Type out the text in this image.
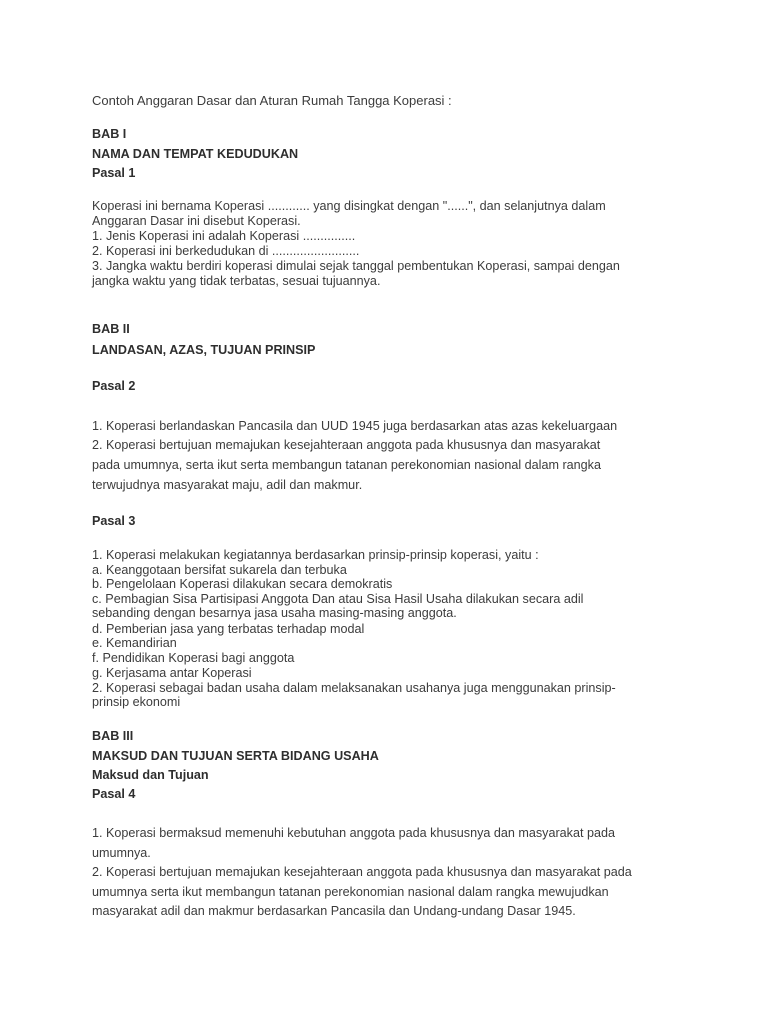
Contoh Anggaran Dasar dan Aturan Rumah Tangga Koperasi :
BAB I
NAMA DAN TEMPAT KEDUDUKAN
Pasal 1
Koperasi ini bernama Koperasi ............ yang disingkat dengan "......", dan selanjutnya dalam
Anggaran Dasar ini disebut Koperasi.
1. Jenis Koperasi ini adalah Koperasi ...............
2. Koperasi ini berkedudukan di .........................
3. Jangka waktu berdiri koperasi dimulai sejak tanggal pembentukan Koperasi, sampai dengan
jangka waktu yang tidak terbatas, sesuai tujuannya.
BAB II
LANDASAN, AZAS, TUJUAN PRINSIP
Pasal 2
1. Koperasi berlandaskan Pancasila dan UUD 1945 juga berdasarkan atas azas kekeluargaan
2. Koperasi bertujuan memajukan kesejahteraan anggota pada khususnya dan masyarakat
pada umumnya, serta ikut serta membangun tatanan perekonomian nasional dalam rangka
terwujudnya masyarakat maju, adil dan makmur.
Pasal 3
1. Koperasi melakukan kegiatannya berdasarkan prinsip-prinsip koperasi, yaitu :
a. Keanggotaan bersifat sukarela dan terbuka
b. Pengelolaan Koperasi dilakukan secara demokratis
c. Pembagian Sisa Partisipasi Anggota Dan atau Sisa Hasil Usaha dilakukan secara adil
sebanding dengan besarnya jasa usaha masing-masing anggota.
d. Pemberian jasa yang terbatas terhadap modal
e. Kemandirian
f. Pendidikan Koperasi bagi anggota
g. Kerjasama antar Koperasi
2. Koperasi sebagai badan usaha dalam melaksanakan usahanya juga menggunakan prinsip-
prinsip ekonomi
BAB III
MAKSUD DAN TUJUAN SERTA BIDANG USAHA
Maksud dan Tujuan
Pasal 4
1. Koperasi bermaksud memenuhi kebutuhan anggota pada khususnya dan masyarakat pada
umumnya.
2. Koperasi bertujuan memajukan kesejahteraan anggota pada khususnya dan masyarakat pada
umumnya serta ikut membangun tatanan perekonomian nasional dalam rangka mewujudkan
masyarakat adil dan makmur berdasarkan Pancasila dan Undang-undang Dasar 1945.
